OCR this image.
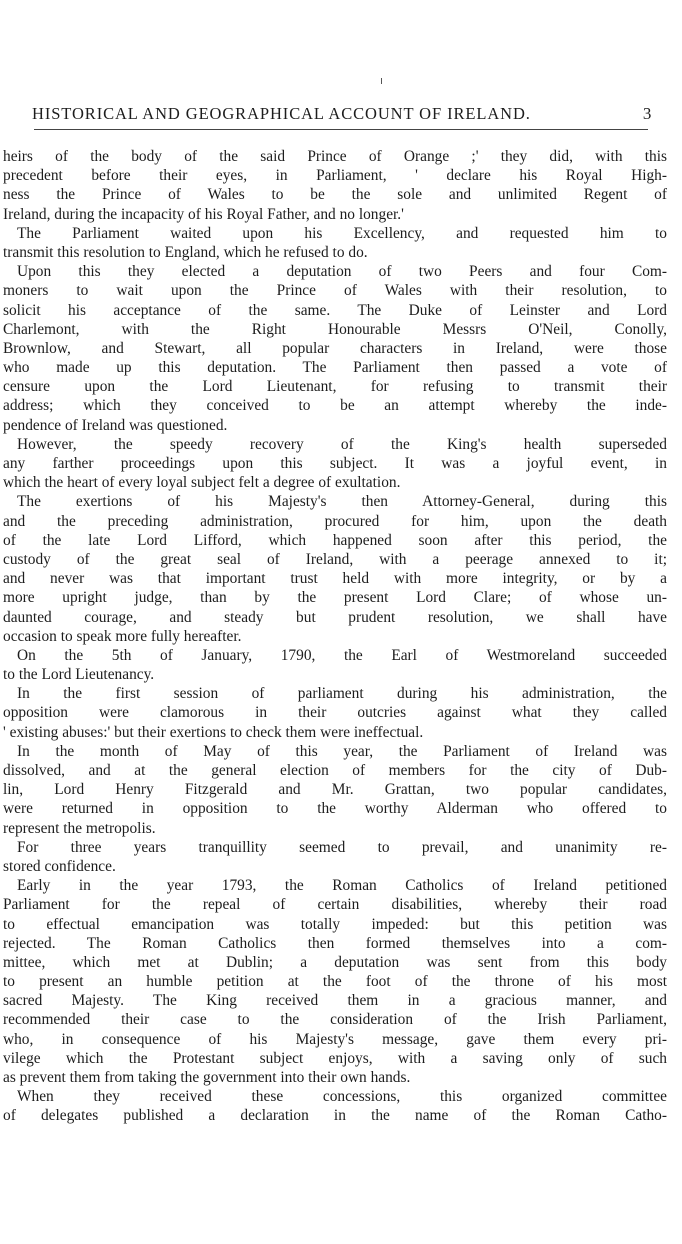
HISTORICAL AND GEOGRAPHICAL ACCOUNT OF IRELAND.	3
heirs of the body of the said Prince of Orange ;' they did, with this
precedent before their eyes, in Parliament, ' declare his Royal High-
ness the Prince of Wales to be the sole and unlimited Regent of
Ireland, during the incapacity of his Royal Father, and no longer.'
The Parliament waited upon his Excellency, and requested him to
transmit this resolution to England, which he refused to do.
Upon this they elected a deputation of two Peers and four Com-
moners to wait upon the Prince of Wales with their resolution, to
solicit his acceptance of the same. The Duke of Leinster and Lord
Charlemont, with the Right Honourable Messrs O'Neil, Conolly,
Brownlow, and Stewart, all popular characters in Ireland, were those
who made up this deputation. The Parliament then passed a vote of
censure upon the Lord Lieutenant, for refusing to transmit their
address; which they conceived to be an attempt whereby the inde-
pendence of Ireland was questioned.
However, the speedy recovery of the King's health superseded
any farther proceedings upon this subject. It was a joyful event, in
which the heart of every loyal subject felt a degree of exultation.
The exertions of his Majesty's then Attorney-General, during this
and the preceding administration, procured for him, upon the death
of the late Lord Lifford, which happened soon after this period, the
custody of the great seal of Ireland, with a peerage annexed to it;
and never was that important trust held with more integrity, or by a
more upright judge, than by the present Lord Clare; of whose un-
daunted courage, and steady but prudent resolution, we shall have
occasion to speak more fully hereafter.
On the 5th of January, 1790, the Earl of Westmoreland succeeded
to the Lord Lieutenancy.
In the first session of parliament during his administration, the
opposition were clamorous in their outcries against what they called
' existing abuses:' but their exertions to check them were ineffectual.
In the month of May of this year, the Parliament of Ireland was
dissolved, and at the general election of members for the city of Dub-
lin, Lord Henry Fitzgerald and Mr. Grattan, two popular candidates,
were returned in opposition to the worthy Alderman who offered to
represent the metropolis.
For three years tranquillity seemed to prevail, and unanimity re-
stored confidence.
Early in the year 1793, the Roman Catholics of Ireland petitioned
Parliament for the repeal of certain disabilities, whereby their road
to effectual emancipation was totally impeded: but this petition was
rejected. The Roman Catholics then formed themselves into a com-
mittee, which met at Dublin; a deputation was sent from this body
to present an humble petition at the foot of the throne of his most
sacred Majesty. The King received them in a gracious manner, and
recommended their case to the consideration of the Irish Parliament,
who, in consequence of his Majesty's message, gave them every pri-
vilege which the Protestant subject enjoys, with a saving only of such
as prevent them from taking the government into their own hands.
When they received these concessions, this organized committee
of delegates published a declaration in the name of the Roman Catho-
